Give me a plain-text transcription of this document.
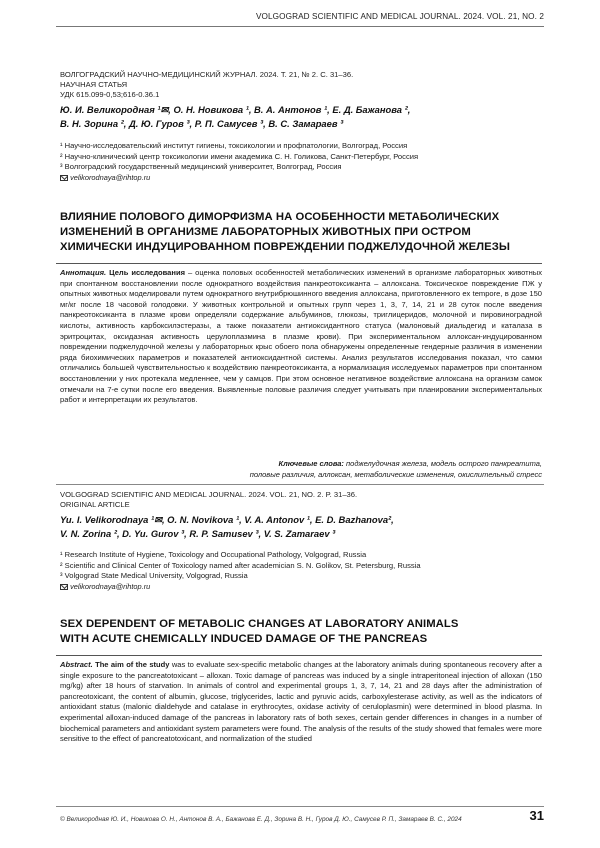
VOLGOGRAD SCIENTIFIC AND MEDICAL JOURNAL. 2024. VOL. 21, NO. 2
ВОЛГОГРАДСКИЙ НАУЧНО-МЕДИЦИНСКИЙ ЖУРНАЛ. 2024. Т. 21, № 2. С. 31–36.
НАУЧНАЯ СТАТЬЯ
УДК 615.099-0,53;616-0.36.1
Ю. И. Великородная ¹✉, О. Н. Новикова ¹, В. А. Антонов ¹, Е. Д. Бажанова ²,
В. Н. Зорина ², Д. Ю. Гуров ³, Р. П. Самусев ³, В. С. Замараев ³
¹ Научно-исследовательский институт гигиены, токсикологии и профпатологии, Волгоград, Россия
² Научно-клинический центр токсикологии имени академика С. Н. Голикова, Санкт-Петербург, Россия
³ Волгоградский государственный медицинский университет, Волгоград, Россия
velikorodnaya@rihtop.ru
ВЛИЯНИЕ ПОЛОВОГО ДИМОРФИЗМА НА ОСОБЕННОСТИ МЕТАБОЛИЧЕСКИХ
ИЗМЕНЕНИЙ В ОРГАНИЗМЕ ЛАБОРАТОРНЫХ ЖИВОТНЫХ ПРИ ОСТРОМ
ХИМИЧЕСКИ ИНДУЦИРОВАННОМ ПОВРЕЖДЕНИИ ПОДЖЕЛУДОЧНОЙ ЖЕЛЕЗЫ
Аннотация. Цель исследования – оценка половых особенностей метаболических изменений в организме лабораторных животных при спонтанном восстановлении после однократного воздействия панкреотоксиканта – аллоксана. Токсическое повреждение ПЖ у опытных животных моделировали путем однократного внутрибрюшинного введения аллоксана, приготовленного ex tempore, в дозе 150 мг/кг после 18 часовой голодовки. У животных контрольной и опытных групп через 1, 3, 7, 14, 21 и 28 суток после введения панкреотоксиканта в плазме крови определяли содержание альбуминов, глюкозы, триглицеридов, молочной и пировиноградной кислоты, активность карбоксилэстеразы, а также показатели антиоксидантного статуса (малоновый диальдегид и каталаза в эритроцитах, оксидазная активность церулоплазмина в плазме крови). При экспериментальном аллоксан-индуцированном повреждении поджелудочной железы у лабораторных крыс обоего пола обнаружены определенные гендерные различия в изменении ряда биохимических параметров и показателей антиоксидантной системы. Анализ результатов исследования показал, что самки отличались большей чувствительностью к воздействию панкреотоксиканта, а нормализация исследуемых параметров при спонтанном восстановлении у них протекала медленнее, чем у самцов. При этом основное негативное воздействие аллоксана на организм самок отмечали на 7-е сутки после его введения. Выявленные половые различия следует учитывать при планировании экспериментальных работ и интерпретации их результатов.
Ключевые слова: поджелудочная железа, модель острого панкреатита,
половые различия, аллоксан, метаболические изменения, окислительный стресс
VOLGOGRAD SCIENTIFIC AND MEDICAL JOURNAL. 2024. VOL. 21, NO. 2. P. 31–36.
ORIGINAL ARTICLE
Yu. I. Velikorodnaya ¹✉, O. N. Novikova ¹, V. A. Antonov ¹, E. D. Bazhanova²,
V. N. Zorina ², D. Yu. Gurov ³, R. P. Samusev ³, V. S. Zamaraev ³
¹ Research Institute of Hygiene, Toxicology and Occupational Pathology, Volgograd, Russia
² Scientific and Clinical Center of Toxicology named after academician S. N. Golikov, St. Petersburg, Russia
³ Volgograd State Medical University, Volgograd, Russia
velikorodnaya@rihtop.ru
SEX DEPENDENT OF METABOLIC CHANGES AT LABORATORY ANIMALS
WITH ACUTE CHEMICALLY INDUCED DAMAGE OF THE PANCREAS
Abstract. The aim of the study was to evaluate sex-specific metabolic changes at the laboratory animals during spontaneous recovery after a single exposure to the pancreatotoxicant – alloxan. Toxic damage of pancreas was induced by a single intraperitoneal injection of alloxan (150 mg/kg) after 18 hours of starvation. In animals of control and experimental groups 1, 3, 7, 14, 21 and 28 days after the administration of pancreotoxicant, the content of albumin, glucose, triglycerides, lactic and pyruvic acids, carboxylesterase activity, as well as the indicators of antioxidant status (malonic dialdehyde and catalase in erythrocytes, oxidase activity of ceruloplasmin) were determined in blood plasma. In experimental alloxan-induced damage of the pancreas in laboratory rats of both sexes, certain gender differences in changes in a number of biochemical parameters and antioxidant system parameters were found. The analysis of the results of the study showed that females were more sensitive to the effect of pancreatotoxicant, and normalization of the studied
© Великородная Ю. И., Новикова О. Н., Антонов В. А., Бажанова Е. Д., Зорина В. Н., Гуров Д. Ю., Самусев Р. П., Замараев В. С., 2024	31
